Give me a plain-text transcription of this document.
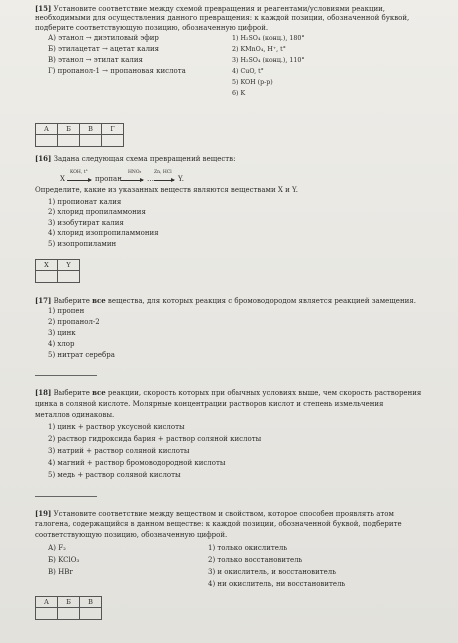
[15] Установите соответствие между схемой превращения и реагентами/условиями реакции,
необходимыми для осуществления данного превращения: к каждой позиции, обозначенной буквой,
подберите соответствующую позицию, обозначенную цифрой.
А) этанол → диэтиловый эфир
Б) этилацетат → ацетат калия
В) этанол → этилат калия
Г) пропанол-1 → пропановая кислота
1) H₂SO₄ (конц.), 180°
2) KMnO₄, H⁺, t°
3) H₂SO₄ (конц.), 110°
4) CuO, t°
5) KOH (р-р)
6) K
А	Б	В	Г

[16] Задана следующая схема превращений веществ:
X
KOH, t°
пропан
HNO₃
…
Zn, HCl
Y.
Определите, какие из указанных веществ являются веществами X и Y.
1) пропионат калия
2) хлорид пропиламмония
3) изобутират калия
4) хлорид изопропиламмония
5) изопропиламин
X	Y

[17] Выберите все вещества, для которых реакция с бромоводородом является реакцией замещения.
1) пропен
2) пропанол-2
3) цинк
4) хлор
5) нитрат серебра
[18] Выберите все реакции, скорость которых при обычных условиях выше, чем скорость растворения
цинка в соляной кислоте. Молярные концентрации растворов кислот и степень измельчения
металлов одинаковы.
1) цинк + раствор уксусной кислоты
2) раствор гидроксида бария + раствор соляной кислоты
3) натрий + раствор соляной кислоты
4) магний + раствор бромоводородной кислоты
5) медь + раствор соляной кислоты
[19] Установите соответствие между веществом и свойством, которое способен проявлять атом
галогена, содержащийся в данном веществе: к каждой позиции, обозначенной буквой, подберите
соответствующую позицию, обозначенную цифрой.
А) F₂
Б) KClO₃
В) HBr
1) только окислитель
2) только восстановитель
3) и окислитель, и восстановитель
4) ни окислитель, ни восстановитель
А	Б	В
